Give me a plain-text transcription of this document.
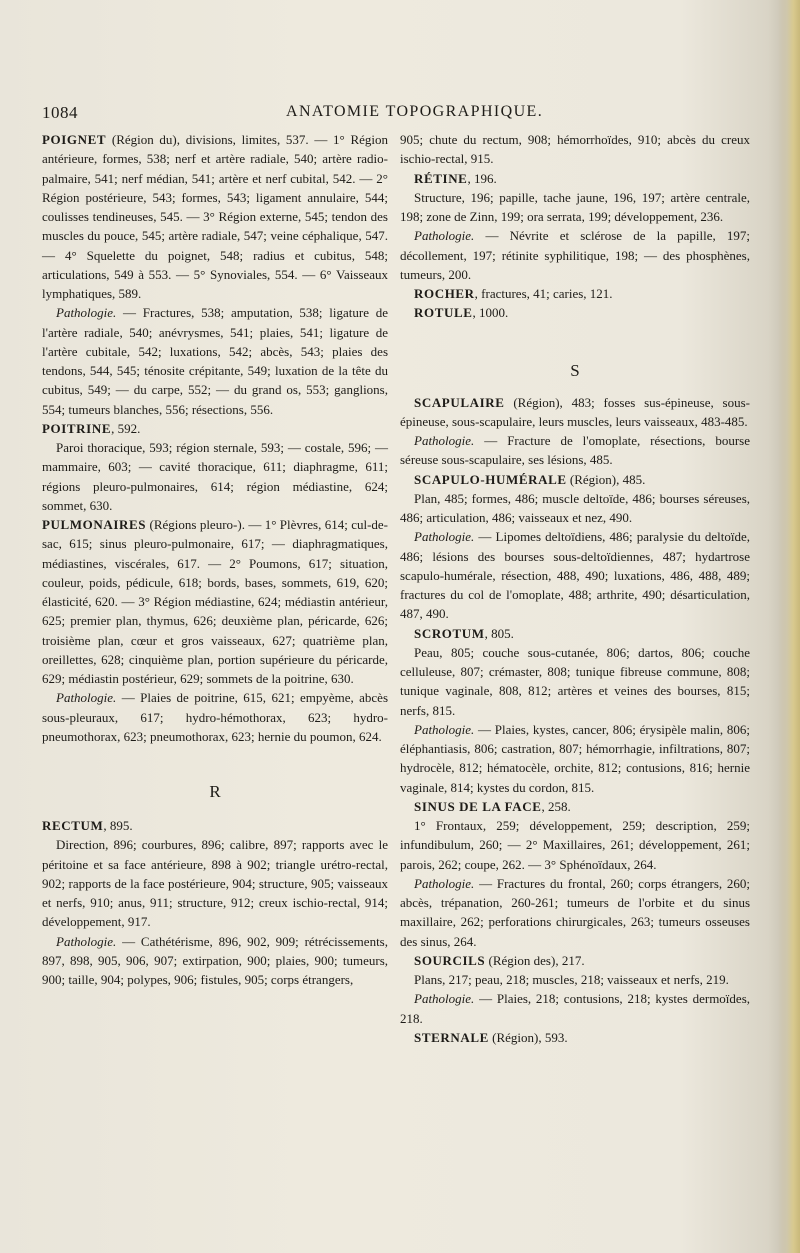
1084	ANATOMIE TOPOGRAPHIQUE.

POIGNET (Région du), divisions, limites, 537. — 1° Région antérieure, formes, 538; nerf et artère radiale, 540; artère radio-palmaire, 541; nerf médian, 541; artère et nerf cubital, 542. — 2° Région postérieure, 543; formes, 543; ligament annulaire, 544; coulisses tendineuses, 545. — 3° Région externe, 545; tendon des muscles du pouce, 545; artère radiale, 547; veine céphalique, 547. — 4° Squelette du poignet, 548; radius et cubitus, 548; articulations, 549 à 553. — 5° Synoviales, 554. — 6° Vaisseaux lymphatiques, 589.

Pathologie. — Fractures, 538; amputation, 538; ligature de l'artère radiale, 540; anévrysmes, 541; plaies, 541; ligature de l'artère cubitale, 542; luxations, 542; abcès, 543; plaies des tendons, 544, 545; ténosite crépitante, 549; luxation de la tête du cubitus, 549; — du carpe, 552; — du grand os, 553; ganglions, 554; tumeurs blanches, 556; résections, 556.

POITRINE, 592.

Paroi thoracique, 593; région sternale, 593; — costale, 596; — mammaire, 603; — cavité thoracique, 611; diaphragme, 611; régions pleuro-pulmonaires, 614; région médiastine, 624; sommet, 630.

PULMONAIRES (Régions pleuro-). — 1° Plèvres, 614; cul-de-sac, 615; sinus pleuro-pulmonaire, 617; — diaphragmatiques, médiastines, viscérales, 617. — 2° Poumons, 617; situation, couleur, poids, pédicule, 618; bords, bases, sommets, 619, 620; élasticité, 620. — 3° Région médiastine, 624; médiastin antérieur, 625; premier plan, thymus, 626; deuxième plan, péricarde, 626; troisième plan, cœur et gros vaisseaux, 627; quatrième plan, oreillettes, 628; cinquième plan, portion supérieure du péricarde, 629; médiastin postérieur, 629; sommets de la poitrine, 630.

Pathologie. — Plaies de poitrine, 615, 621; empyème, abcès sous-pleuraux, 617; hydro-hémothorax, 623; hydro-pneumothorax, 623; pneumothorax, 623; hernie du poumon, 624.

R

RECTUM, 895.

Direction, 896; courbures, 896; calibre, 897; rapports avec le péritoine et sa face antérieure, 898 à 902; triangle urétro-rectal, 902; rapports de la face postérieure, 904; structure, 905; vaisseaux et nerfs, 910; anus, 911; structure, 912; creux ischio-rectal, 914; développement, 917.

Pathologie. — Cathétérisme, 896, 902, 909; rétrécissements, 897, 898, 905, 906, 907; extirpation, 900; plaies, 900; tumeurs, 900; taille, 904; polypes, 906; fistules, 905; corps étrangers,

905; chute du rectum, 908; hémorrhoïdes, 910; abcès du creux ischio-rectal, 915.

RÉTINE, 196.

Structure, 196; papille, tache jaune, 196, 197; artère centrale, 198; zone de Zinn, 199; ora serrata, 199; développement, 236.

Pathologie. — Névrite et sclérose de la papille, 197; décollement, 197; rétinite syphilitique, 198; — des phosphènes, tumeurs, 200.

ROCHER, fractures, 41; caries, 121.

ROTULE, 1000.

S

SCAPULAIRE (Région), 483; fosses sus-épineuse, sous-épineuse, sous-scapulaire, leurs muscles, leurs vaisseaux, 483-485.

Pathologie. — Fracture de l'omoplate, résections, bourse séreuse sous-scapulaire, ses lésions, 485.

SCAPULO-HUMÉRALE (Région), 485.

Plan, 485; formes, 486; muscle deltoïde, 486; bourses séreuses, 486; articulation, 486; vaisseaux et nez, 490.

Pathologie. — Lipomes deltoïdiens, 486; paralysie du deltoïde, 486; lésions des bourses sous-deltoïdiennes, 487; hydartrose scapulo-humérale, résection, 488, 490; luxations, 486, 488, 489; fractures du col de l'omoplate, 488; arthrite, 490; désarticulation, 487, 490.

SCROTUM, 805.

Peau, 805; couche sous-cutanée, 806; dartos, 806; couche celluleuse, 807; crémaster, 808; tunique fibreuse commune, 808; tunique vaginale, 808, 812; artères et veines des bourses, 815; nerfs, 815.

Pathologie. — Plaies, kystes, cancer, 806; érysipèle malin, 806; éléphantiasis, 806; castration, 807; hémorrhagie, infiltrations, 807; hydrocèle, 812; hématocèle, orchite, 812; contusions, 816; hernie vaginale, 814; kystes du cordon, 815.

SINUS DE LA FACE, 258.

1° Frontaux, 259; développement, 259; description, 259; infundibulum, 260; — 2° Maxillaires, 261; développement, 261; parois, 262; coupe, 262. — 3° Sphénoïdaux, 264.

Pathologie. — Fractures du frontal, 260; corps étrangers, 260; abcès, trépanation, 260-261; tumeurs de l'orbite et du sinus maxillaire, 262; perforations chirurgicales, 263; tumeurs osseuses des sinus, 264.

SOURCILS (Région des), 217.

Plans, 217; peau, 218; muscles, 218; vaisseaux et nerfs, 219.

Pathologie. — Plaies, 218; contusions, 218; kystes dermoïdes, 218.

STERNALE (Région), 593.
